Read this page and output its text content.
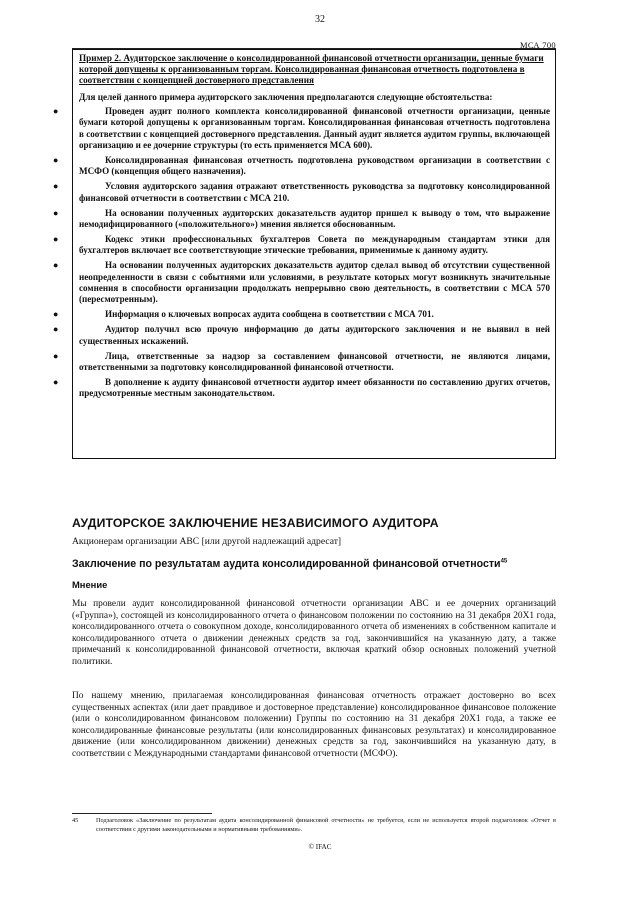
32
МСА 700

Пример 2. Аудиторское заключение о консолидированной финансовой отчетности организации, ценные бумаги которой допущены к организованным торгам. Консолидированная финансовая отчетность подготовлена в соответствии с концепцией достоверного представления

Для целей данного примера аудиторского заключения предполагаются следующие обстоятельства:

●	Проведен аудит полного комплекта консолидированной финансовой отчетности организации, ценные бумаги которой допущены к организованным торгам. Консолидированная финансовая отчетность подготовлена в соответствии с концепцией достоверного представления. Данный аудит является аудитом группы, включающей организацию и ее дочерние структуры (то есть применяется МСА 600).

●	Консолидированная финансовая отчетность подготовлена руководством организации в соответствии с МСФО (концепция общего назначения).

●	Условия аудиторского задания отражают ответственность руководства за подготовку консолидированной финансовой отчетности в соответствии с МСА 210.

●	На основании полученных аудиторских доказательств аудитор пришел к выводу о том, что выражение немодифицированного («положительного») мнения является обоснованным.

●	Кодекс этики профессиональных бухгалтеров Совета по международным стандартам этики для бухгалтеров включает все соответствующие этические требования, применимые к данному аудиту.

●	На основании полученных аудиторских доказательств аудитор сделал вывод об отсутствии существенной неопределенности в связи с событиями или условиями, в результате которых могут возникнуть значительные сомнения в способности организации продолжать непрерывно свою деятельность, в соответствии с МСА 570 (пересмотренным).

●	Информация о ключевых вопросах аудита сообщена в соответствии с МСА 701.

●	Аудитор получил всю прочую информацию до даты аудиторского заключения и не выявил в ней существенных искажений.

●	Лица, ответственные за надзор за составлением финансовой отчетности, не являются лицами, ответственными за подготовку консолидированной финансовой отчетности.

●	В дополнение к аудиту финансовой отчетности аудитор имеет обязанности по составлению других отчетов, предусмотренные местным законодательством.

АУДИТОРСКОЕ ЗАКЛЮЧЕНИЕ НЕЗАВИСИМОГО АУДИТОРА

Акционерам организации АВС [или другой надлежащий адресат]

Заключение по результатам аудита консолидированной финансовой отчетности$^{45}$
Мнение

Мы провели аудит консолидированной финансовой отчетности организации АВС и ее дочерних организаций («Группа»), состоящей из консолидированного отчета о финансовом положении по состоянию на 31 декабря 20X1 года, консолидированного отчета о совокупном доходе, консолидированного отчета об изменениях в собственном капитале и консолидированного отчета о движении денежных средств за год, закончившийся на указанную дату, а также примечаний к консолидированной финансовой отчетности, включая краткий обзор основных положений учетной политики.

По нашему мнению, прилагаемая консолидированная финансовая отчетность отражает достоверно во всех существенных аспектах (или дает правдивое и достоверное представление) консолидированное финансовое положение (или о консолидированном финансовом положении) Группы по состоянию на 31 декабря 20X1 года, а также ее консолидированные финансовые результаты (или консолидированных финансовых результатах) и консолидированное движение (или консолидированном движении) денежных средств за год, закончившийся на указанную дату, в соответствии с Международными стандартами финансовой отчетности (МСФО).

45	Подзаголовок «Заключение по результатам аудита консолидированной финансовой отчетности» не требуется, если не используется второй подзаголовок «Отчет в соответствии с другими законодательными и нормативными требованиями».

© IFAC
